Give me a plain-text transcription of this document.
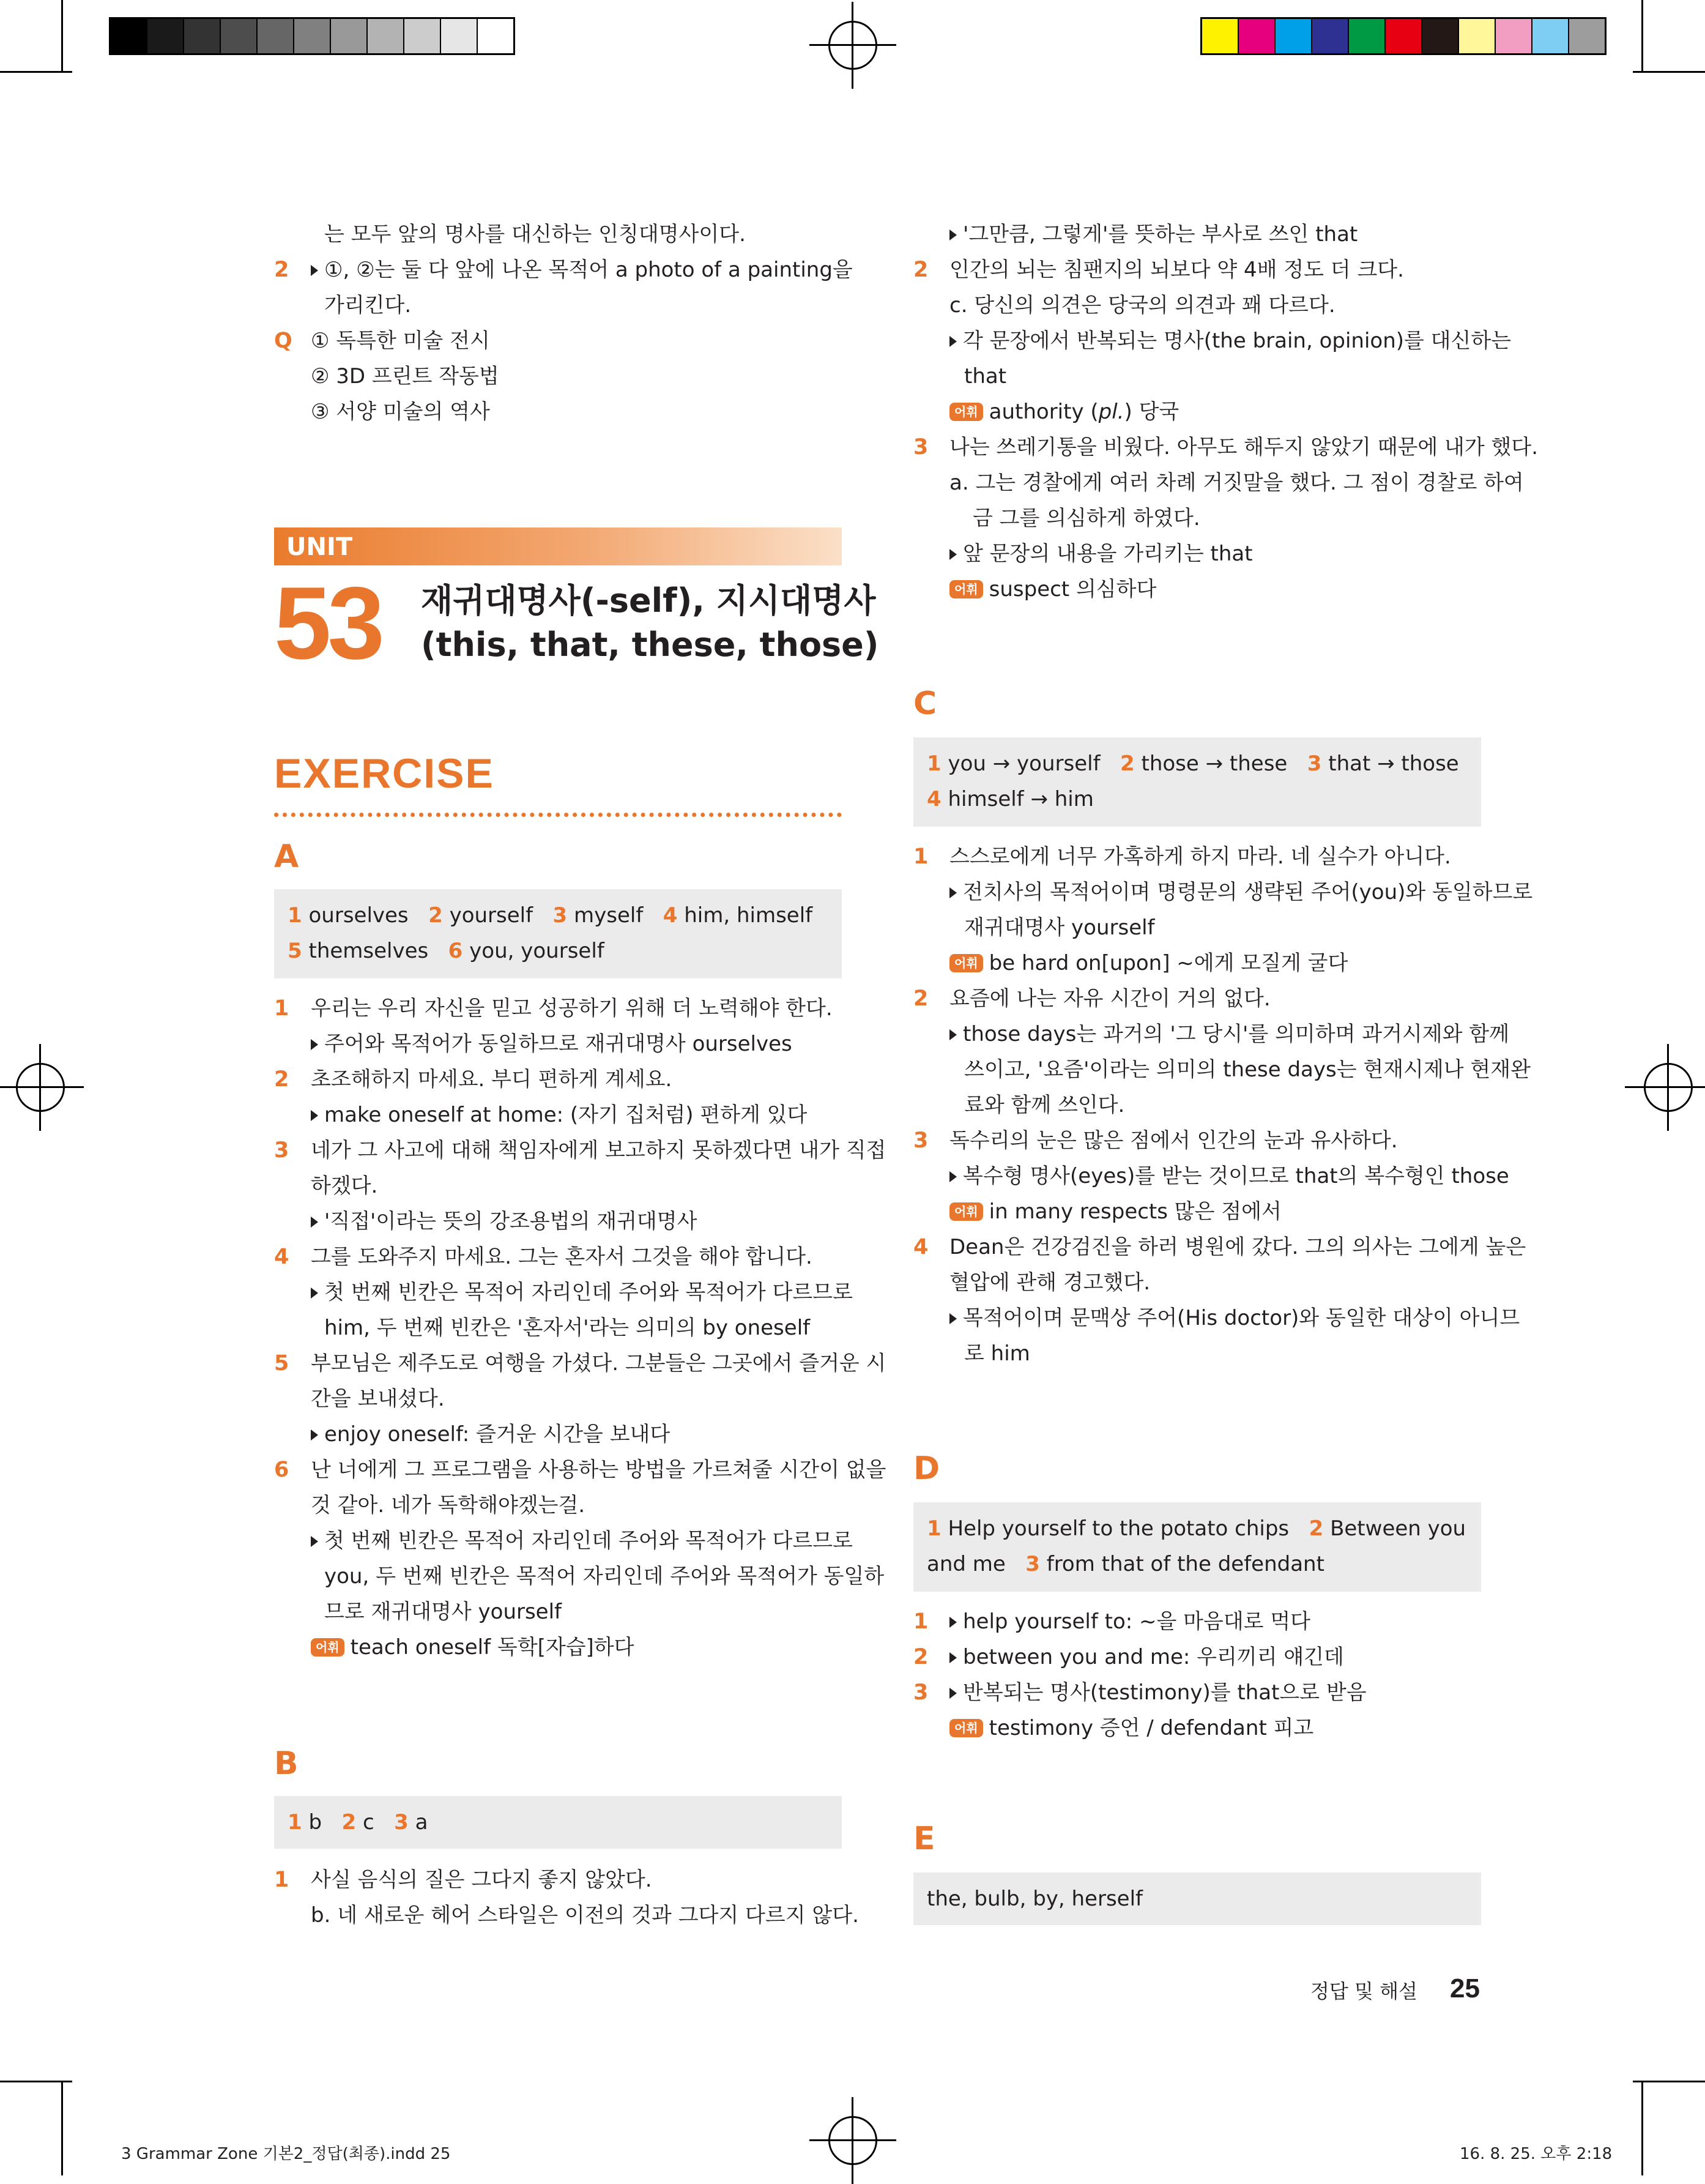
는 모두 앞의 명사를 대신하는 인칭대명사이다.
2	①, ②는 둘 다 앞에 나온 목적어 a photo of a painting을
가리킨다.
Q ① 독특한 미술 전시
② 3D 프린트 작동법
③ 서양 미술의 역사
UNIT
53 재귀대명사(-self), 지시대명사
(this, that, these, those)
EXERCISE
A
1 ourselves 2 yourself 3 myself 4 him, himself
5 themselves 6 you, yourself
1 우리는 우리 자신을 믿고 성공하기 위해 더 노력해야 한다.
주어와 목적어가 동일하므로 재귀대명사 ourselves
2 초조해하지 마세요. 부디 편하게 계세요.
make oneself at home: (자기 집처럼) 편하게 있다
3 네가 그 사고에 대해 책임자에게 보고하지 못하겠다면 내가 직접
하겠다.
'직접'이라는 뜻의 강조용법의 재귀대명사
4 그를 도와주지 마세요. 그는 혼자서 그것을 해야 합니다.
첫 번째 빈칸은 목적어 자리인데 주어와 목적어가 다르므로
him, 두 번째 빈칸은 '혼자서'라는 의미의 by oneself
5 부모님은 제주도로 여행을 가셨다. 그분들은 그곳에서 즐거운 시
간을 보내셨다.
enjoy oneself: 즐거운 시간을 보내다
6 난 너에게 그 프로그램을 사용하는 방법을 가르쳐줄 시간이 없을
것 같아. 네가 독학해야겠는걸.
첫 번째 빈칸은 목적어 자리인데 주어와 목적어가 다르므로
you, 두 번째 빈칸은 목적어 자리인데 주어와 목적어가 동일하
므로 재귀대명사 yourself
어휘 teach oneself 독학[자습]하다
B
1 b 2 c 3 a
1 사실 음식의 질은 그다지 좋지 않았다.
b. 네 새로운 헤어 스타일은 이전의 것과 그다지 다르지 않다.
'그만큼, 그렇게'를 뜻하는 부사로 쓰인 that
2 인간의 뇌는 침팬지의 뇌보다 약 4배 정도 더 크다.
c. 당신의 의견은 당국의 의견과 꽤 다르다.
각 문장에서 반복되는 명사(the brain, opinion)를 대신하는
that
어휘 authority (pl.) 당국
3 나는 쓰레기통을 비웠다. 아무도 해두지 않았기 때문에 내가 했다.
a. 그는 경찰에게 여러 차례 거짓말을 했다. 그 점이 경찰로 하여
금 그를 의심하게 하였다.
앞 문장의 내용을 가리키는 that
어휘 suspect 의심하다
C
1 you → yourself 2 those → these 3 that → those
4 himself → him
1 스스로에게 너무 가혹하게 하지 마라. 네 실수가 아니다.
전치사의 목적어이며 명령문의 생략된 주어(you)와 동일하므로
재귀대명사 yourself
어휘 be hard on[upon] ~에게 모질게 굴다
2 요즘에 나는 자유 시간이 거의 없다.
those days는 과거의 '그 당시'를 의미하며 과거시제와 함께
쓰이고, '요즘'이라는 의미의 these days는 현재시제나 현재완
료와 함께 쓰인다.
3 독수리의 눈은 많은 점에서 인간의 눈과 유사하다.
복수형 명사(eyes)를 받는 것이므로 that의 복수형인 those
어휘 in many respects 많은 점에서
4 Dean은 건강검진을 하러 병원에 갔다. 그의 의사는 그에게 높은
혈압에 관해 경고했다.
목적어이며 문맥상 주어(His doctor)와 동일한 대상이 아니므
로 him
D
1 Help yourself to the potato chips 2 Between you
and me 3 from that of the defendant
1	help yourself to: ~을 마음대로 먹다
2	between you and me: 우리끼리 얘긴데
3	반복되는 명사(testimony)를 that으로 받음
어휘 testimony 증언 / defendant 피고
E
the, bulb, by, herself
정답 및 해설 25
3 Grammar Zone 기본2_정답(최종).indd 25	16. 8. 25. 오후 2:18
